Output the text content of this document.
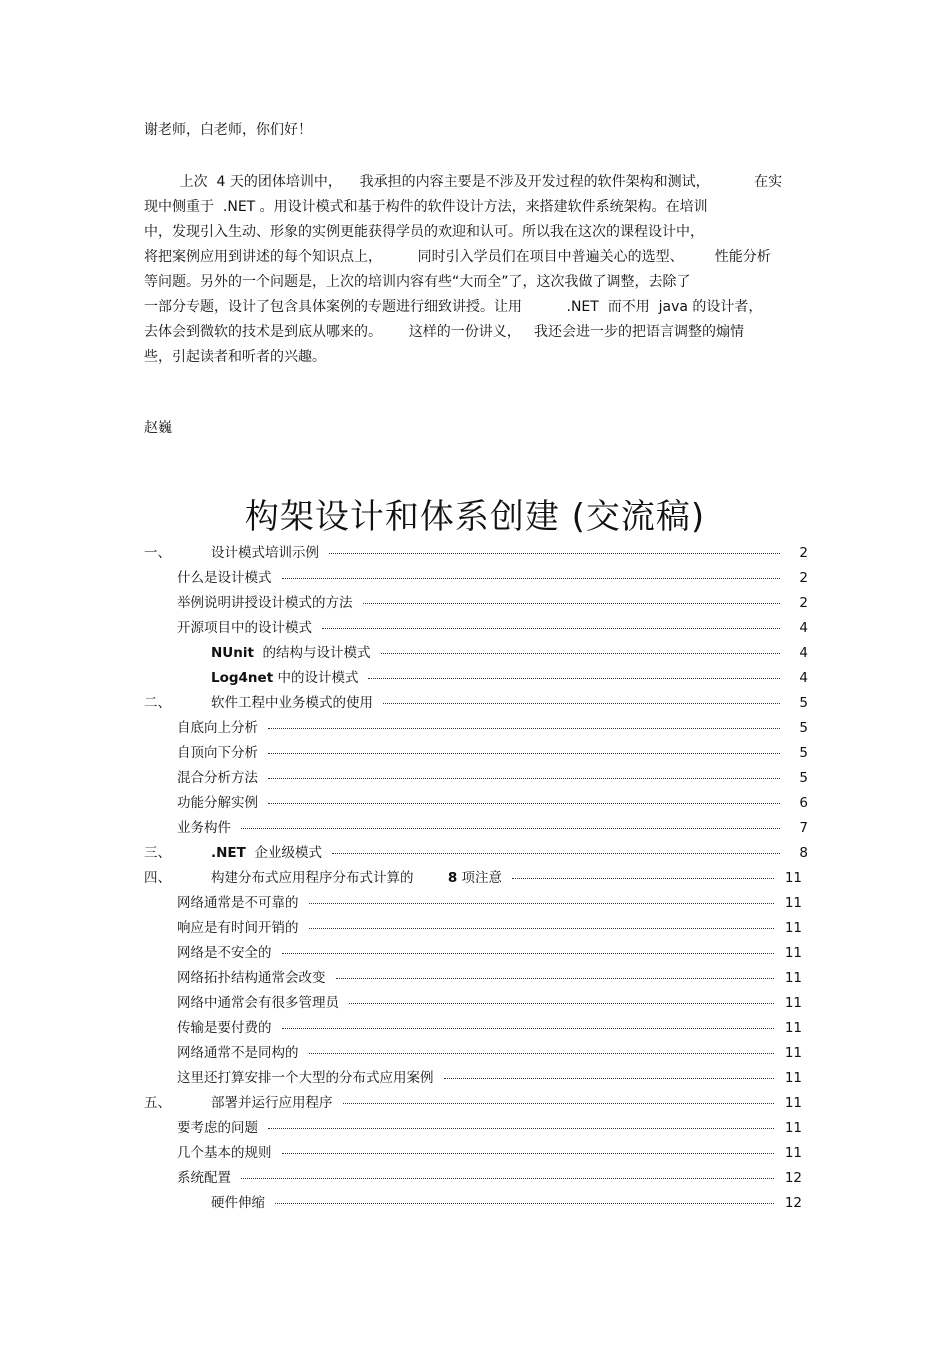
谢老师，白老师，你们好！
上次  4 天的团体培训中，    我承担的内容主要是不涉及开发过程的软件架构和测试，          在实
现中侧重于  .NET 。用设计模式和基于构件的软件设计方法，来搭建软件系统架构。在培训
中，发现引入生动、形象的实例更能获得学员的欢迎和认可。所以我在这次的课程设计中，
将把案例应用到讲述的每个知识点上，        同时引入学员们在项目中普遍关心的选型、       性能分析
等问题。另外的一个问题是，上次的培训内容有些“大而全”了，这次我做了调整，去除了
一部分专题，设计了包含具体案例的专题进行细致讲授。让用          .NET  而不用  java 的设计者，
去体会到微软的技术是到底从哪来的。      这样的一份讲义，   我还会进一步的把语言调整的煽情
些，引起读者和听者的兴趣。
赵巍
构架设计和体系创建 (交流稿)
一、	设计模式培训示例	2
什么是设计模式	2
举例说明讲授设计模式的方法	2
开源项目中的设计模式	4
NUnit  的结构与设计模式	4
Log4net 中的设计模式	4
二、	软件工程中业务模式的使用	5
自底向上分析	5
自顶向下分析	5
混合分析方法	5
功能分解实例	6
业务构件	7
三、	.NET  企业级模式	8
四、	构建分布式应用程序分布式计算的        8 项注意	11
网络通常是不可靠的	11
响应是有时间开销的	11
网络是不安全的	11
网络拓扑结构通常会改变	11
网络中通常会有很多管理员	11
传输是要付费的	11
网络通常不是同构的	11
这里还打算安排一个大型的分布式应用案例	11
五、	部署并运行应用程序	11
要考虑的问题	11
几个基本的规则	11
系统配置	12
硬件伸缩	12
